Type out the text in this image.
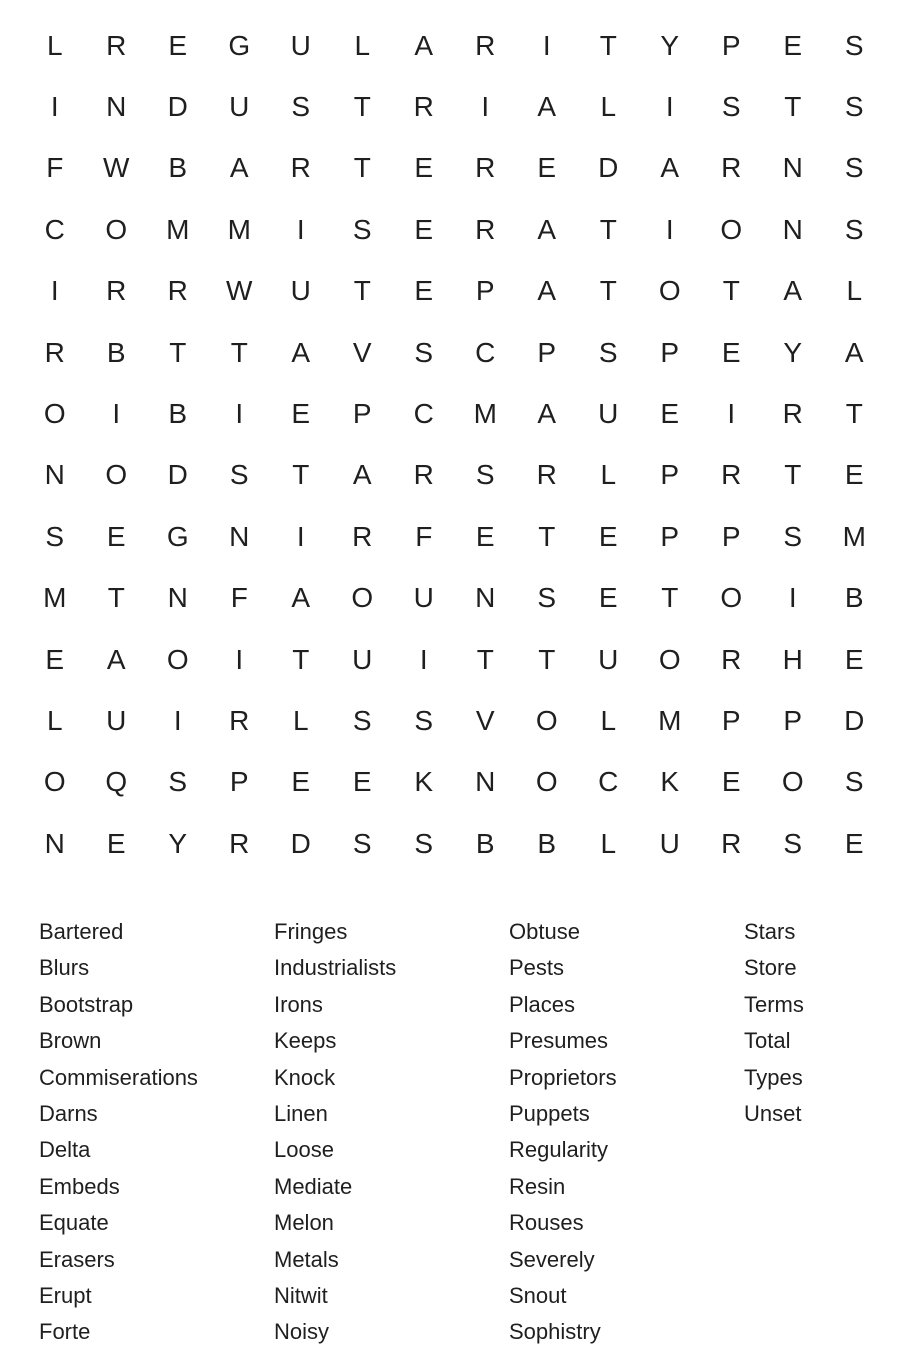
L	R	E	G	U	L	A	R	I	T	Y	P	E	S
I	N	D	U	S	T	R	I	A	L	I	S	T	S
F	W	B	A	R	T	E	R	E	D	A	R	N	S
C	O	M	M	I	S	E	R	A	T	I	O	N	S
I	R	R	W	U	T	E	P	A	T	O	T	A	L
R	B	T	T	A	V	S	C	P	S	P	E	Y	A
O	I	B	I	E	P	C	M	A	U	E	I	R	T
N	O	D	S	T	A	R	S	R	L	P	R	T	E
S	E	G	N	I	R	F	E	T	E	P	P	S	M
M	T	N	F	A	O	U	N	S	E	T	O	I	B
E	A	O	I	T	U	I	T	T	U	O	R	H	E
L	U	I	R	L	S	S	V	O	L	M	P	P	D
O	Q	S	P	E	E	K	N	O	C	K	E	O	S
N	E	Y	R	D	S	S	B	B	L	U	R	S	E
Bartered
Blurs
Bootstrap
Brown
Commiserations
Darns
Delta
Embeds
Equate
Erasers
Erupt
Forte
Fringes
Industrialists
Irons
Keeps
Knock
Linen
Loose
Mediate
Melon
Metals
Nitwit
Noisy
Obtuse
Pests
Places
Presumes
Proprietors
Puppets
Regularity
Resin
Rouses
Severely
Snout
Sophistry
Stars
Store
Terms
Total
Types
Unset
